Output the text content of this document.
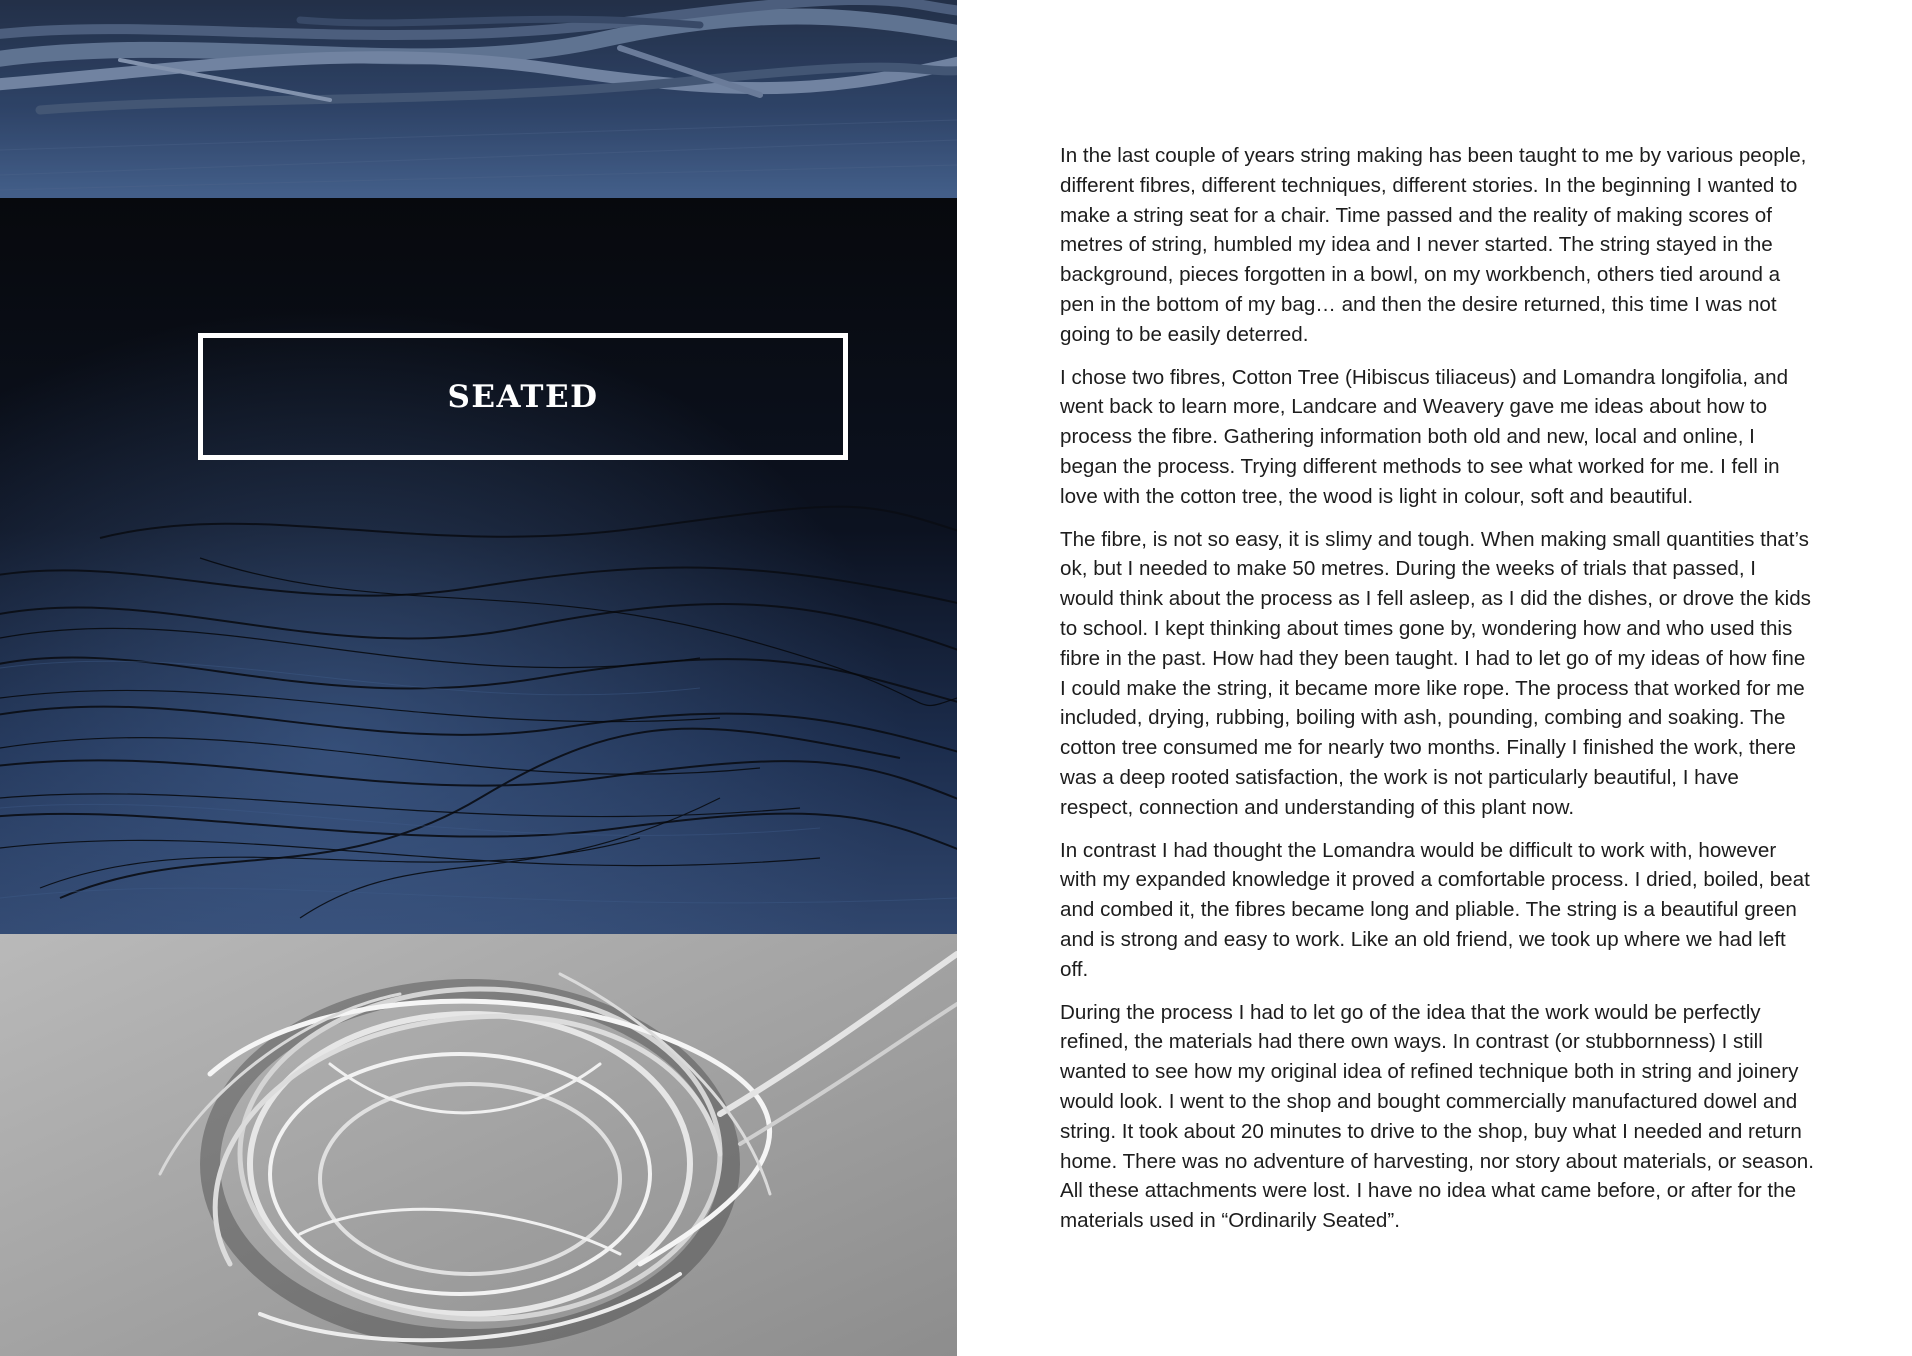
SEATED

In the last couple of years string making has been taught to me by various people, different fibres, different techniques, different stories. In the beginning I wanted to make a string seat for a chair. Time passed and the reality of making scores of metres of string, humbled my idea and I never started. The string stayed in the background, pieces forgotten in a bowl, on my workbench, others tied around a pen in the bottom of my bag… and then the desire returned, this time I was not going to be easily deterred.

I chose two fibres, Cotton Tree (Hibiscus tiliaceus) and Lomandra longifolia, and went back to learn more, Landcare and Weavery gave me ideas about how to process the fibre. Gathering information both old and new, local and online, I began the process. Trying different methods to see what worked for me. I fell in love with the cotton tree, the wood is light in colour, soft and beautiful.

The fibre, is not so easy, it is slimy and tough. When making small quantities that’s ok, but I needed to make 50 metres. During the weeks of trials that passed, I would think about the process as I fell asleep, as I did the dishes, or drove the kids to school. I kept thinking about times gone by, wondering how and who used this fibre in the past. How had they been taught. I had to let go of my ideas of how fine I could make the string, it became more like rope. The process that worked for me included, drying, rubbing, boiling with ash, pounding, combing and soaking. The cotton tree consumed me for nearly two months. Finally I finished the work, there was a deep rooted satisfaction, the work is not particularly beautiful, I have respect, connection and understanding of this plant now.

In contrast I had thought the Lomandra would be difficult to work with, however with my expanded knowledge it proved a comfortable process. I dried, boiled, beat and combed it, the fibres became long and pliable. The string is a beautiful green and is strong and easy to work. Like an old friend, we took up where we had left off.

During the process I had to let go of the idea that the work would be perfectly refined, the materials had there own ways. In contrast (or stubbornness) I still wanted to see how my original idea of refined technique both in string and joinery would look. I went to the shop and bought commercially manufactured dowel and string. It took about 20 minutes to drive to the shop, buy what I needed and return home. There was no adventure of harvesting, nor story about materials, or season. All these attachments were lost. I have no idea what came before, or after for the materials used in “Ordinarily Seated”.
